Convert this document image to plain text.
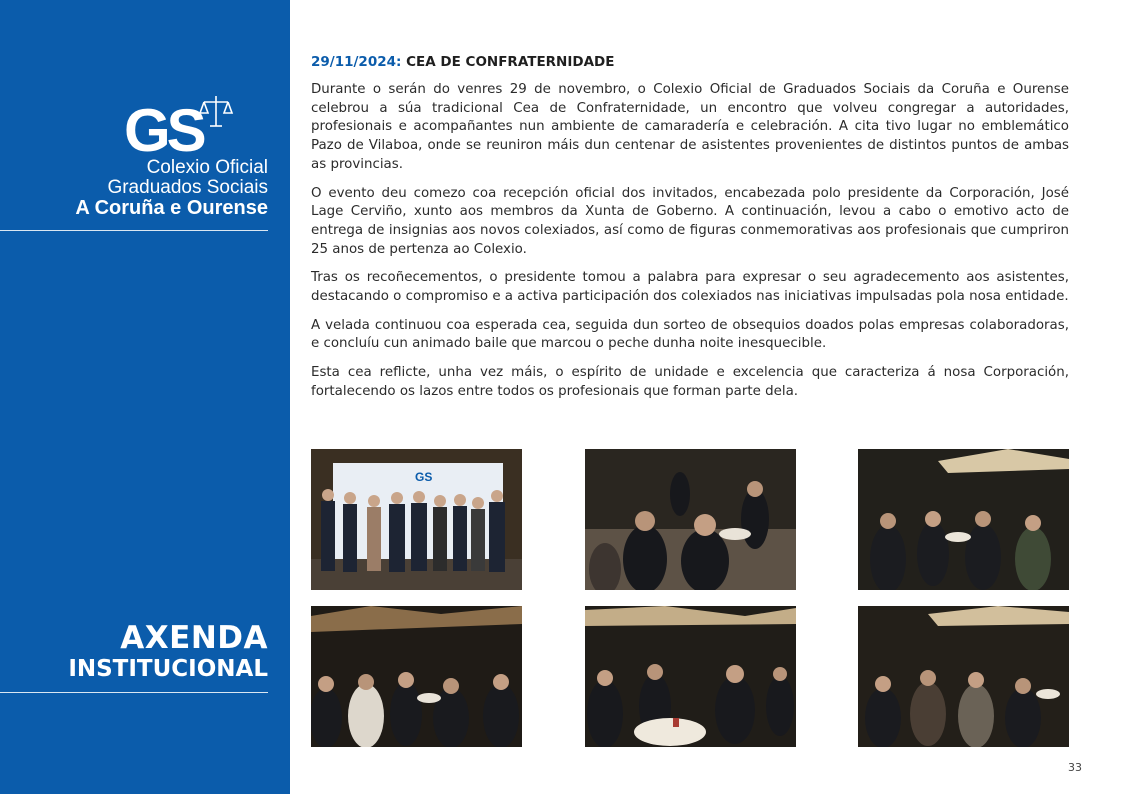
GS
Colexio Oficial
Graduados Sociais
A Coruña e Ourense
AXENDA
INSTITUCIONAL
29/11/2024: CEA DE CONFRATERNIDADE

Durante o serán do venres 29 de novembro, o Colexio Oficial de Graduados Sociais da Coruña e Ourense celebrou a súa tradicional Cea de Confraternidade, un encontro que volveu congregar a autoridades, profesionais e acompañantes nun ambiente de camaradería e celebración. A cita tivo lugar no emblemático Pazo de Vilaboa, onde se reuniron máis dun centenar de asistentes provenientes de distintos puntos de ambas as provincias.

O evento deu comezo coa recepción oficial dos invitados, encabezada polo presidente da Corporación, José Lage Cerviño, xunto aos membros da Xunta de Goberno. A continuación, levou a cabo o emotivo acto de entrega de insignias aos novos colexiados, así como de figuras conmemorativas aos profesionais que cumpriron 25 anos de pertenza ao Colexio.

Tras os recoñecementos, o presidente tomou a palabra para expresar o seu agradecemento aos asistentes, destacando o compromiso e a activa participación dos colexiados nas iniciativas impulsadas pola nosa entidade.

A velada continuou coa esperada cea, seguida dun sorteo de obsequios doados polas empresas colaboradoras, e concluíu cun animado baile que marcou o peche dunha noite inesquecible.

Esta cea reflicte, unha vez máis, o espírito de unidade e excelencia que caracteriza á nosa Corporación, fortalecendo os lazos entre todos os profesionais que forman parte dela.

GS
33
